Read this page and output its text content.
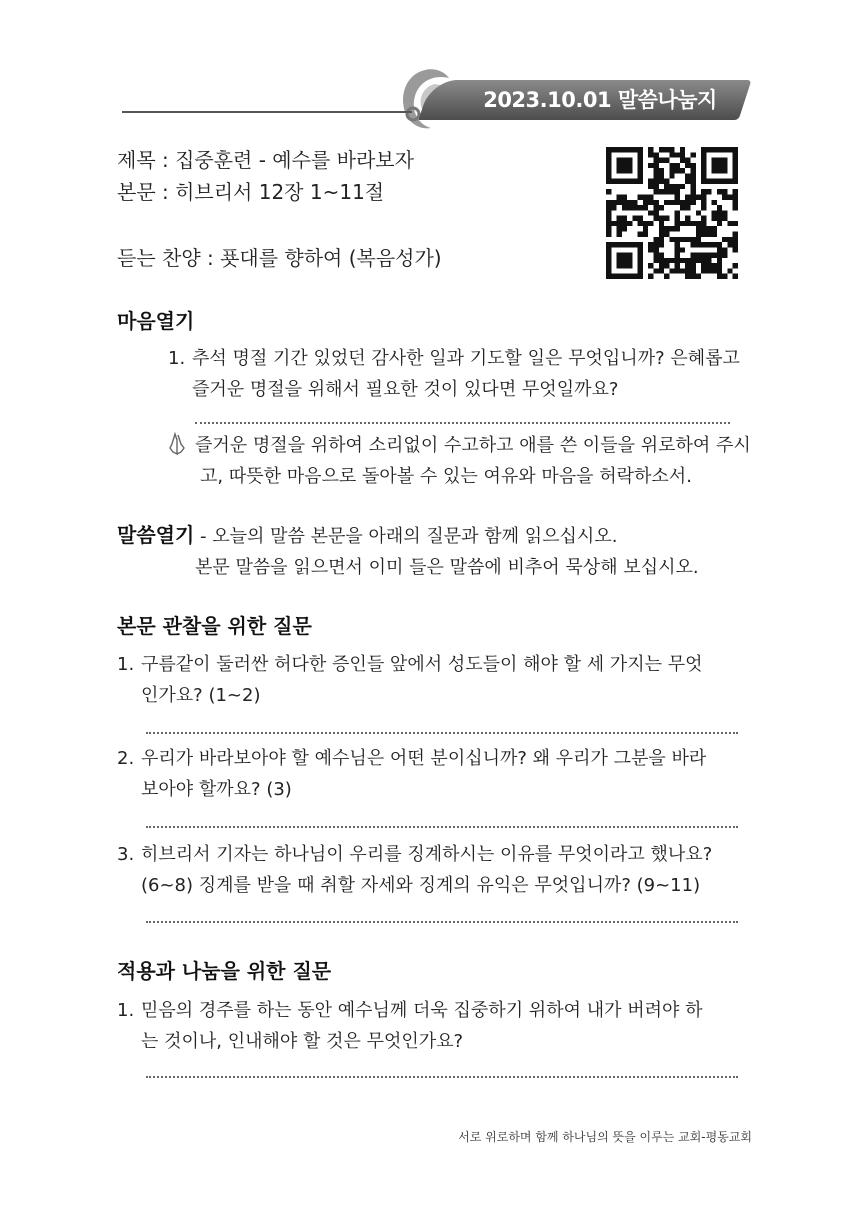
2023.10.01 말씀나눔지
제목 : 집중훈련 - 예수를 바라보자
본문 : 히브리서 12장 1~11절
듣는 찬양 : 푯대를 향하여 (복음성가)
마음열기
1. 추석 명절 기간 있었던 감사한 일과 기도할 일은 무엇입니까? 은혜롭고
즐거운 명절을 위해서 필요한 것이 있다면 무엇일까요?
즐거운 명절을 위하여 소리없이 수고하고 애를 쓴 이들을 위로하여 주시
고, 따뜻한 마음으로 돌아볼 수 있는 여유와 마음을 허락하소서.
말씀열기 - 오늘의 말씀 본문을 아래의 질문과 함께 읽으십시오.
본문 말씀을 읽으면서 이미 들은 말씀에 비추어 묵상해 보십시오.
본문 관찰을 위한 질문
1. 구름같이 둘러싼 허다한 증인들 앞에서 성도들이 해야 할 세 가지는 무엇
인가요? (1~2)
2. 우리가 바라보아야 할 예수님은 어떤 분이십니까? 왜 우리가 그분을 바라
보아야 할까요? (3)
3. 히브리서 기자는 하나님이 우리를 징계하시는 이유를 무엇이라고 했나요?
(6~8) 징계를 받을 때 취할 자세와 징계의 유익은 무엇입니까? (9~11)
적용과 나눔을 위한 질문
1. 믿음의 경주를 하는 동안 예수님께 더욱 집중하기 위하여 내가 버려야 하
는 것이나, 인내해야 할 것은 무엇인가요?
서로 위로하며 함께 하나님의 뜻을 이루는 교회-평동교회
